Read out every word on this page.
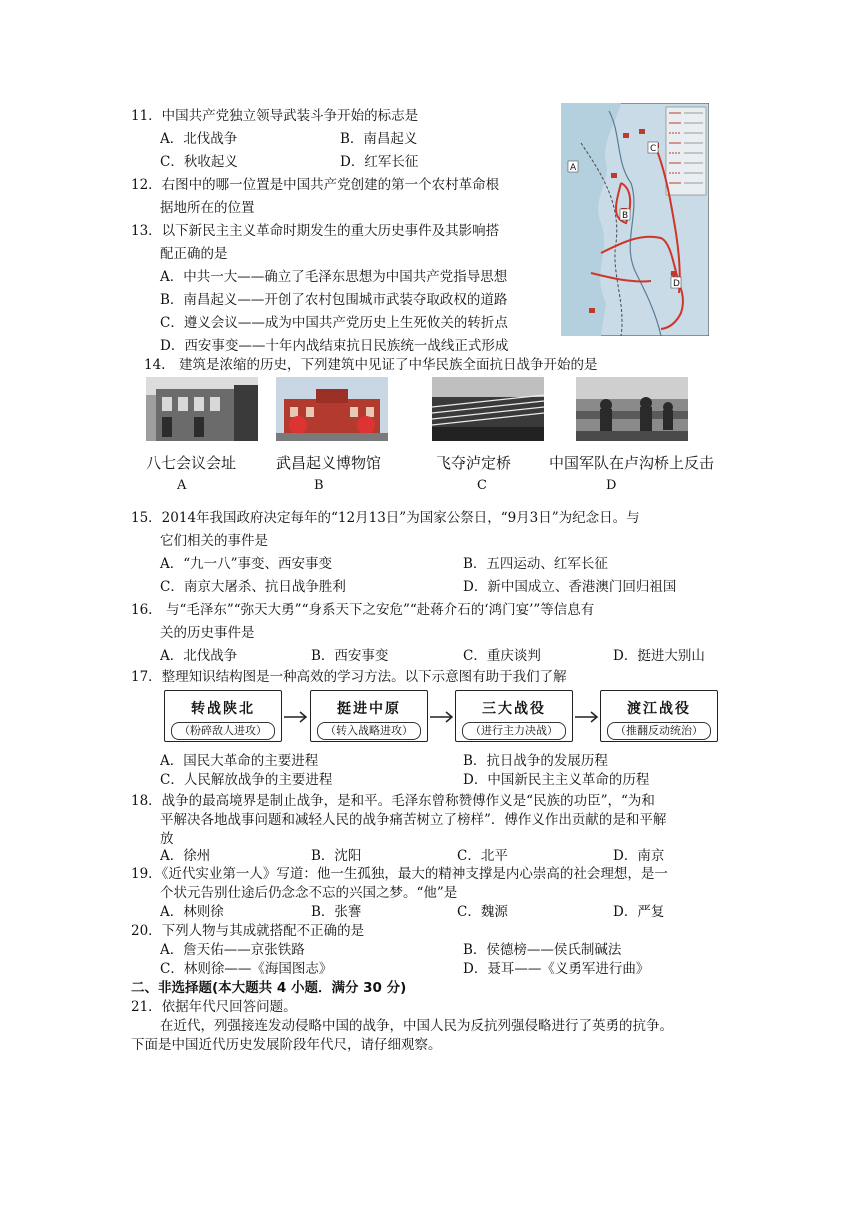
11．中国共产党独立领导武装斗争开始的标志是
A．北伐战争	B．南昌起义
C．秋收起义	D．红军长征
12．右图中的哪一位置是中国共产党创建的第一个农村革命根
据地所在的位置
13．以下新民主主义革命时期发生的重大历史事件及其影响搭
配正确的是
A．中共一大——确立了毛泽东思想为中国共产党指导思想
B．南昌起义——开创了农村包围城市武装夺取政权的道路
C．遵义会议——成为中国共产党历史上生死攸关的转折点
D．西安事变——十年内战结束抗日民族统一战线正式形成
A
B
C
D
14.　建筑是浓缩的历史，下列建筑中见证了中华民族全面抗日战争开始的是
八七会议会址	武昌起义博物馆	飞夺泸定桥	中国军队在卢沟桥上反击
A	B	C	D
15．2014年我国政府决定每年的“12月13日”为国家公祭日，“9月3日”为纪念日。与
它们相关的事件是
A．“九一八”事变、西安事变	B．五四运动、红军长征
C．南京大屠杀、抗日战争胜利	D．新中国成立、香港澳门回归祖国
16.　与“毛泽东”“弥天大勇”“身系天下之安危”“赴蒋介石的‘鸿门宴’”等信息有
关的历史事件是
A．北伐战争	B．西安事变	C．重庆谈判	D．挺进大别山
17．整理知识结构图是一种高效的学习方法。以下示意图有助于我们了解
转战陕北
（粉碎敌人进攻）
挺进中原
（转入战略进攻）
三大战役
（进行主力决战）
渡江战役
（推翻反动统治）
A．国民大革命的主要进程	B．抗日战争的发展历程
C．人民解放战争的主要进程	D．中国新民主主义革命的历程
18．战争的最高境界是制止战争，是和平。毛泽东曾称赞傅作义是“民族的功臣”，“为和
平解决各地战事问题和减轻人民的战争痛苦树立了榜样”．傅作义作出贡献的是和平解
放
A．徐州	B．沈阳	C．北平	D．南京
19．《近代实业第一人》写道：他一生孤独，最大的精神支撑是内心崇高的社会理想，是一
个状元告别仕途后仍念念不忘的兴国之梦。“他”是
A．林则徐	B．张謇	C．魏源	D．严复
20．下列人物与其成就搭配不正确的是
A．詹天佑——京张铁路	B．侯德榜——侯氏制碱法
C．林则徐——《海国图志》	D．聂耳——《义勇军进行曲》
二、非选择题(本大题共 4 小题．满分 30 分)
21．依据年代尺回答问题。
在近代，列强接连发动侵略中国的战争，中国人民为反抗列强侵略进行了英勇的抗争。
下面是中国近代历史发展阶段年代尺，请仔细观察。
